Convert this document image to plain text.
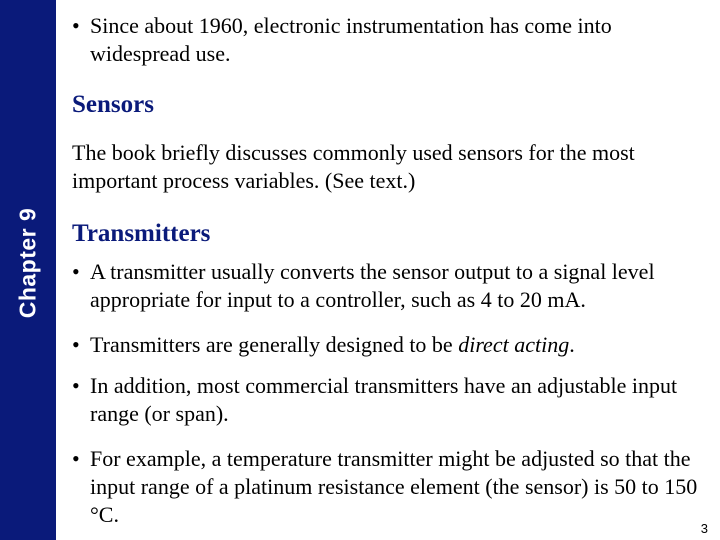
Chapter 9
• Since about 1960, electronic instrumentation has come into widespread use.
Sensors
The book briefly discusses commonly used sensors for the most important process variables. (See text.)
Transmitters
• A transmitter usually converts the sensor output to a signal level appropriate for input to a controller, such as 4 to 20 mA.
• Transmitters are generally designed to be direct acting.
• In addition, most commercial transmitters have an adjustable input range (or span).
• For example, a temperature transmitter might be adjusted so that the input range of a platinum resistance element (the sensor) is 50 to 150 °C.
3
